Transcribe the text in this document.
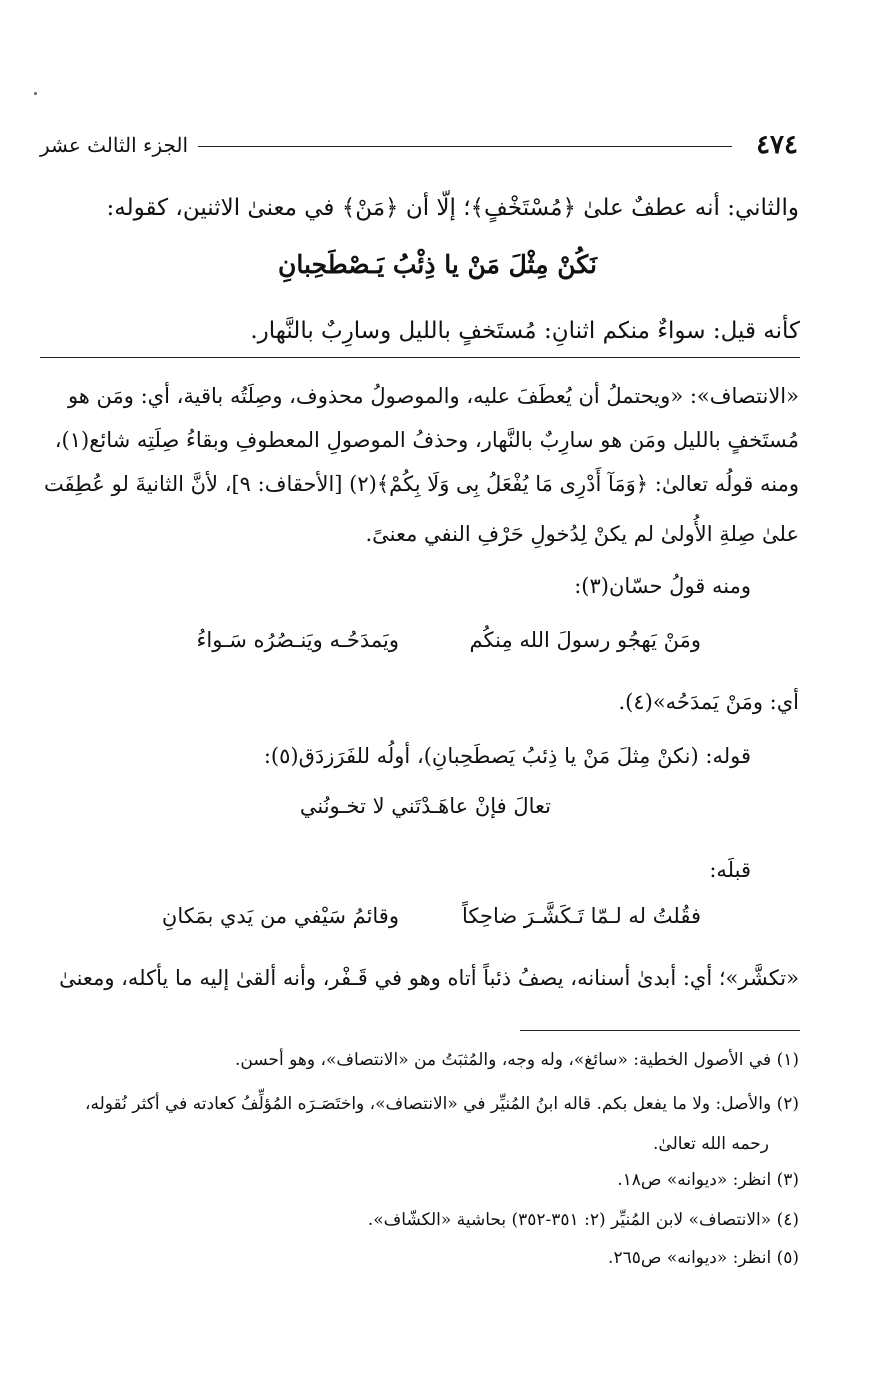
٤٧٤
الجزء الثالث عشر
والثاني: أنه عطفٌ علىٰ ﴿مُسْتَخْفٍ﴾؛ إلّا أن ﴿مَنْ﴾ في معنىٰ الاثنين، كقوله:
نَكُنْ مِثْلَ مَنْ يا ذِئْبُ يَـصْطَحِبانِ
كأنه قيل: سواءٌ منكم اثنانِ: مُستَخفٍ بالليل وسارِبٌ بالنَّهار.
«الانتصاف»: «ويحتملُ أن يُعطَفَ عليه، والموصولُ محذوف، وصِلَتُه باقية، أي: ومَن هو
مُستَخفٍ بالليل ومَن هو سارِبٌ بالنَّهار، وحذفُ الموصولِ المعطوفِ وبقاءُ صِلَتِه شائع(١)،
ومنه قولُه تعالىٰ: ﴿وَمَآ أَدْرِى مَا يُفْعَلُ بِى وَلَا بِكُمْ﴾(٢) [الأحقاف: ٩]، لأنَّ الثانيةَ لو عُطِفَت
علىٰ صِلةِ الأُولىٰ لم يكنْ لِدُخولِ حَرْفِ النفي معنىً.
ومنه قولُ حسّان(٣):
ومَنْ يَهجُو رسولَ الله مِنكُم
ويَمدَحُـه ويَنـصُرُه سَـواءُ
أي: ومَنْ يَمدَحُه»(٤).
قوله: (نكنْ مِثلَ مَنْ يا ذِئبُ يَصطَحِبانِ)، أولُه للفَرَزدَق(٥):
تعالَ فإنْ عاهَـدْتَني لا تخـونُني
قبلَه:
فقُلتُ له لـمّا تَـكَشَّـرَ ضاحِكاً
وقائمُ سَيْفي من يَدي بمَكانِ
«تكشَّر»؛ أي: أبدىٰ أسنانه، يصفُ ذئباً أتاه وهو في قَـفْر، وأنه ألقىٰ إليه ما يأكله، ومعنىٰ
(١) في الأصول الخطية: «سائغ»، وله وجه، والمُثبَتُ من «الانتصاف»، وهو أحسن.
(٢) والأصل: ولا ما يفعل بكم. قاله ابنُ المُنيِّر في «الانتصاف»، واختَصَـرَه المُؤلِّفُ كعادته في أكثر نُقوله،
رحمه الله تعالىٰ.
(٣) انظر: «ديوانه» ص١٨.
(٤) «الانتصاف» لابن المُنيِّر (٢: ٣٥١-٣٥٢) بحاشية «الكشّاف».
(٥) انظر: «ديوانه» ص٢٦٥.
